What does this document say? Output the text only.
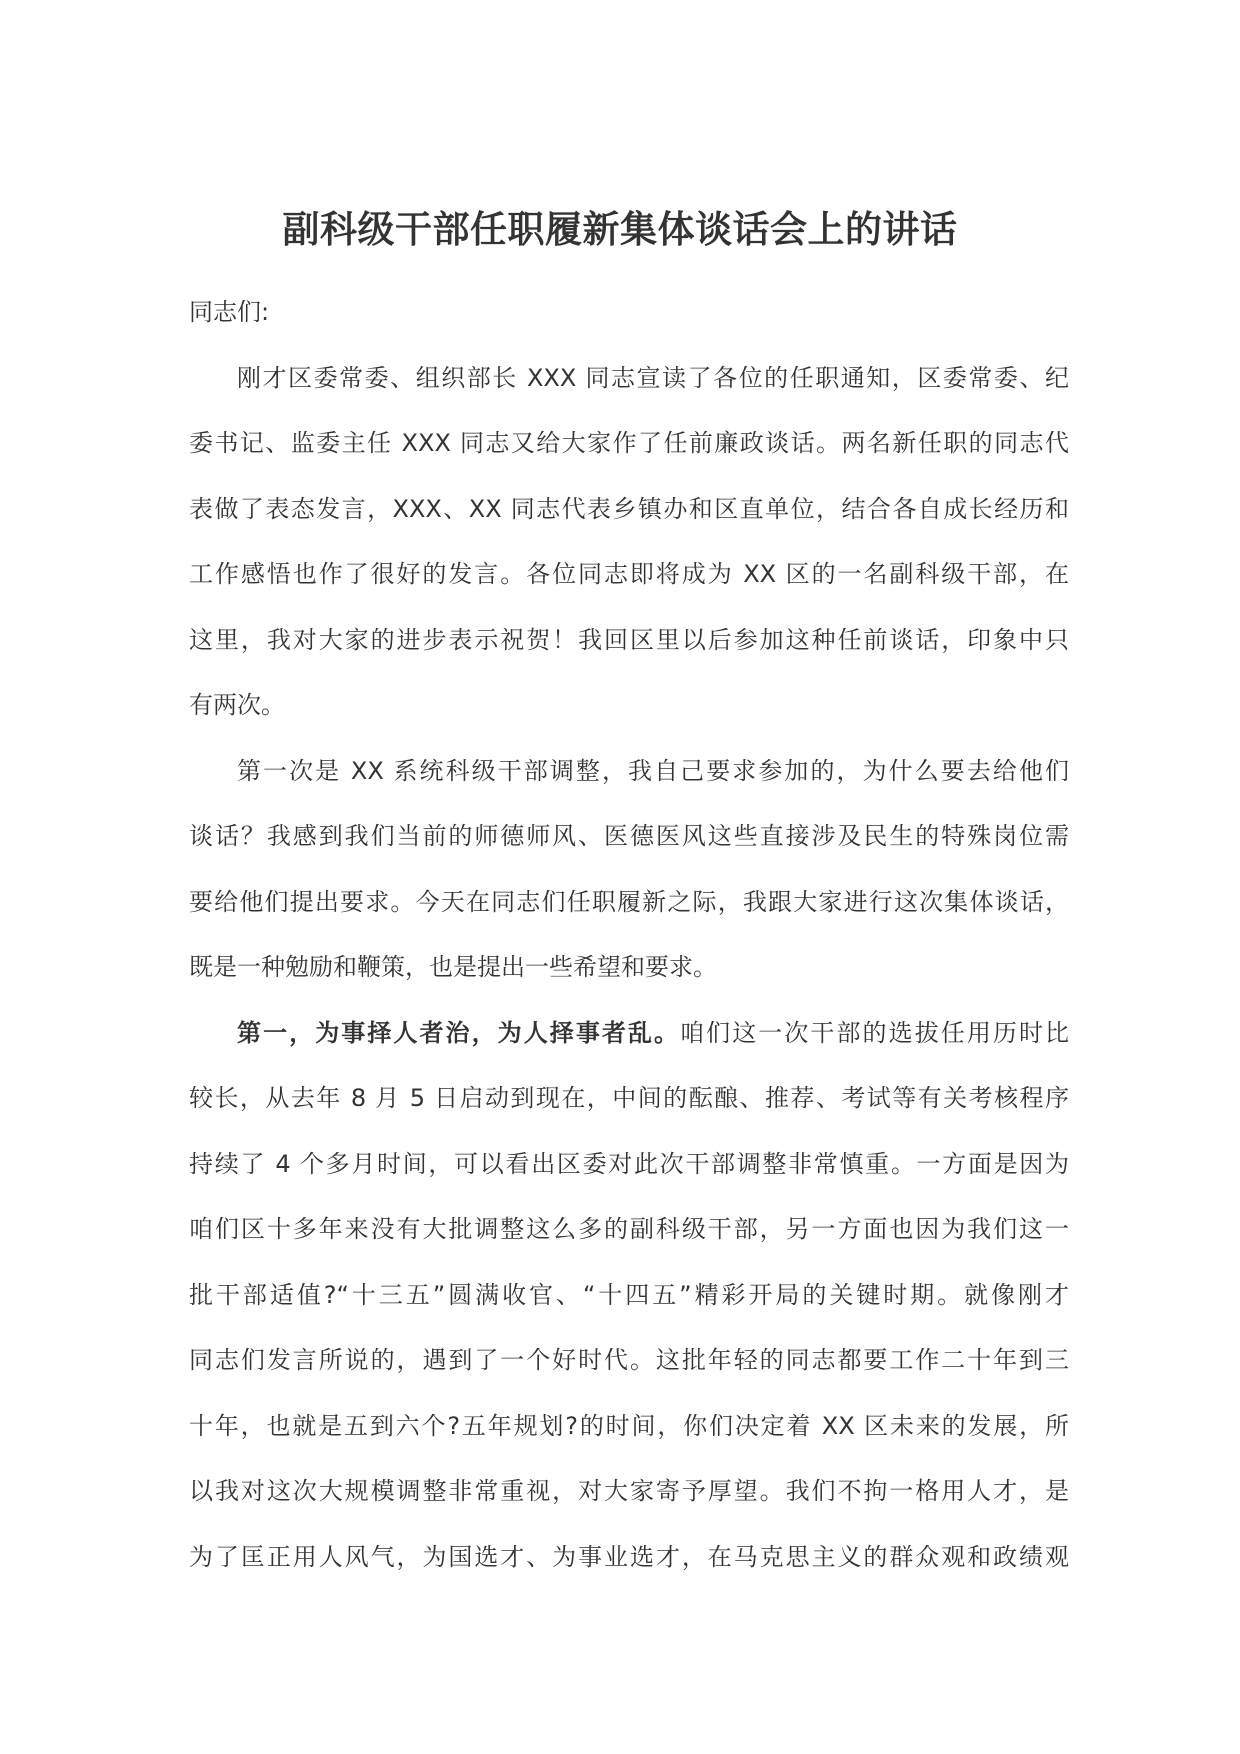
副科级干部任职履新集体谈话会上的讲话
同志们:
刚才区委常委、组织部长 XXX 同志宣读了各位的任职通知，区委常委、纪
委书记、监委主任 XXX 同志又给大家作了任前廉政谈话。两名新任职的同志代
表做了表态发言，XXX、XX 同志代表乡镇办和区直单位，结合各自成长经历和
工作感悟也作了很好的发言。各位同志即将成为 XX 区的一名副科级干部，在
这里，我对大家的进步表示祝贺！我回区里以后参加这种任前谈话，印象中只
有两次。
第一次是 XX 系统科级干部调整，我自己要求参加的，为什么要去给他们
谈话？我感到我们当前的师德师风、医德医风这些直接涉及民生的特殊岗位需
要给他们提出要求。今天在同志们任职履新之际，我跟大家进行这次集体谈话，
既是一种勉励和鞭策，也是提出一些希望和要求。
第一，为事择人者治，为人择事者乱。咱们这一次干部的选拔任用历时比
较长，从去年 8 月 5 日启动到现在，中间的酝酿、推荐、考试等有关考核程序
持续了 4 个多月时间，可以看出区委对此次干部调整非常慎重。一方面是因为
咱们区十多年来没有大批调整这么多的副科级干部，另一方面也因为我们这一
批干部适值?“十三五”圆满收官、“十四五”精彩开局的关键时期。就像刚才
同志们发言所说的，遇到了一个好时代。这批年轻的同志都要工作二十年到三
十年，也就是五到六个?五年规划?的时间，你们决定着 XX 区未来的发展，所
以我对这次大规模调整非常重视，对大家寄予厚望。我们不拘一格用人才，是
为了匡正用人风气，为国选才、为事业选才，在马克思主义的群众观和政绩观
